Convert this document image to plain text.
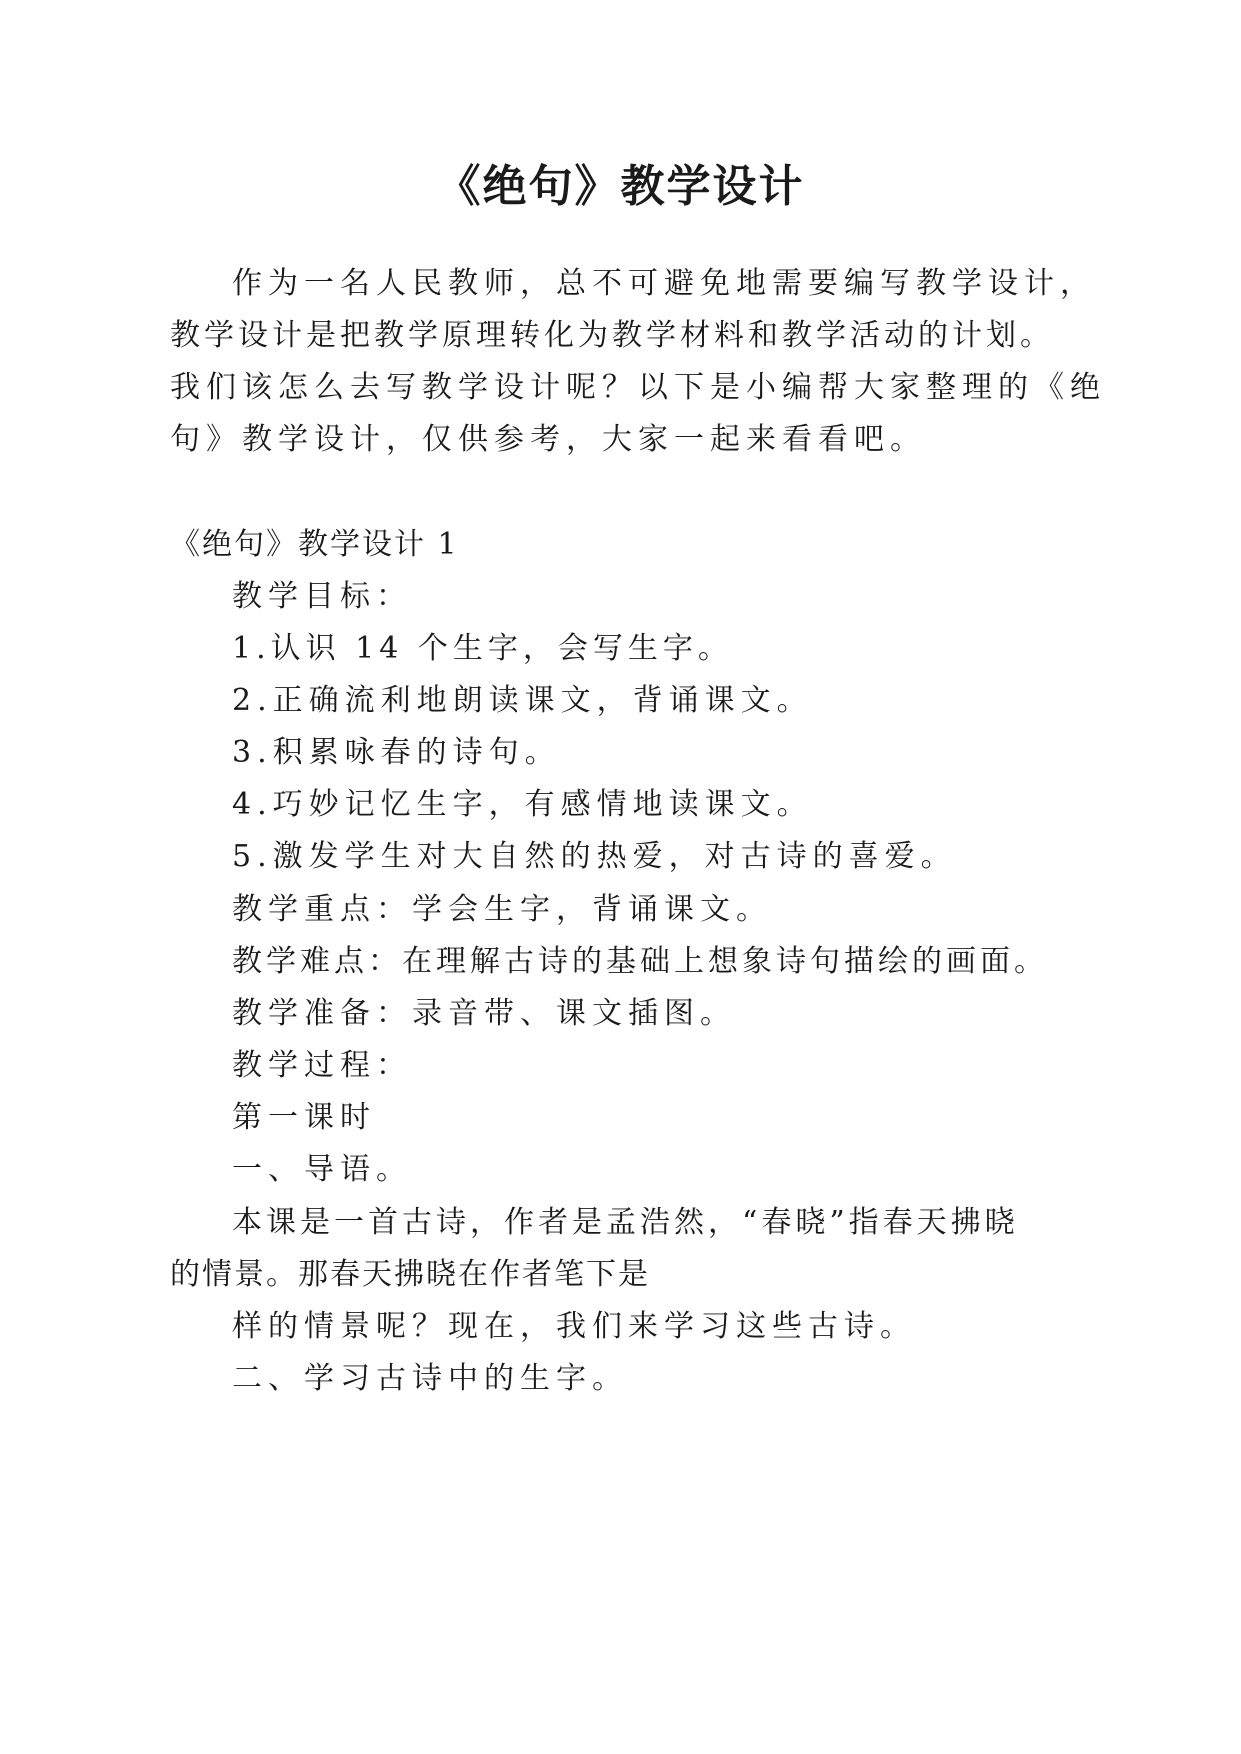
《绝句》教学设计
作为一名人民教师，总不可避免地需要编写教学设计，
教学设计是把教学原理转化为教学材料和教学活动的计划。
我们该怎么去写教学设计呢？以下是小编帮大家整理的《绝
句》教学设计，仅供参考，大家一起来看看吧。
《绝句》教学设计 1
教学目标：
1.认识 14 个生字，会写生字。
2.正确流利地朗读课文，背诵课文。
3.积累咏春的诗句。
4.巧妙记忆生字，有感情地读课文。
5.激发学生对大自然的热爱，对古诗的喜爱。
教学重点：学会生字，背诵课文。
教学难点：在理解古诗的基础上想象诗句描绘的画面。
教学准备：录音带、课文插图。
教学过程：
第一课时
一、导语。
本课是一首古诗，作者是孟浩然，“春晓”指春天拂晓
的情景。那春天拂晓在作者笔下是
样的情景呢？现在，我们来学习这些古诗。
二、学习古诗中的生字。
